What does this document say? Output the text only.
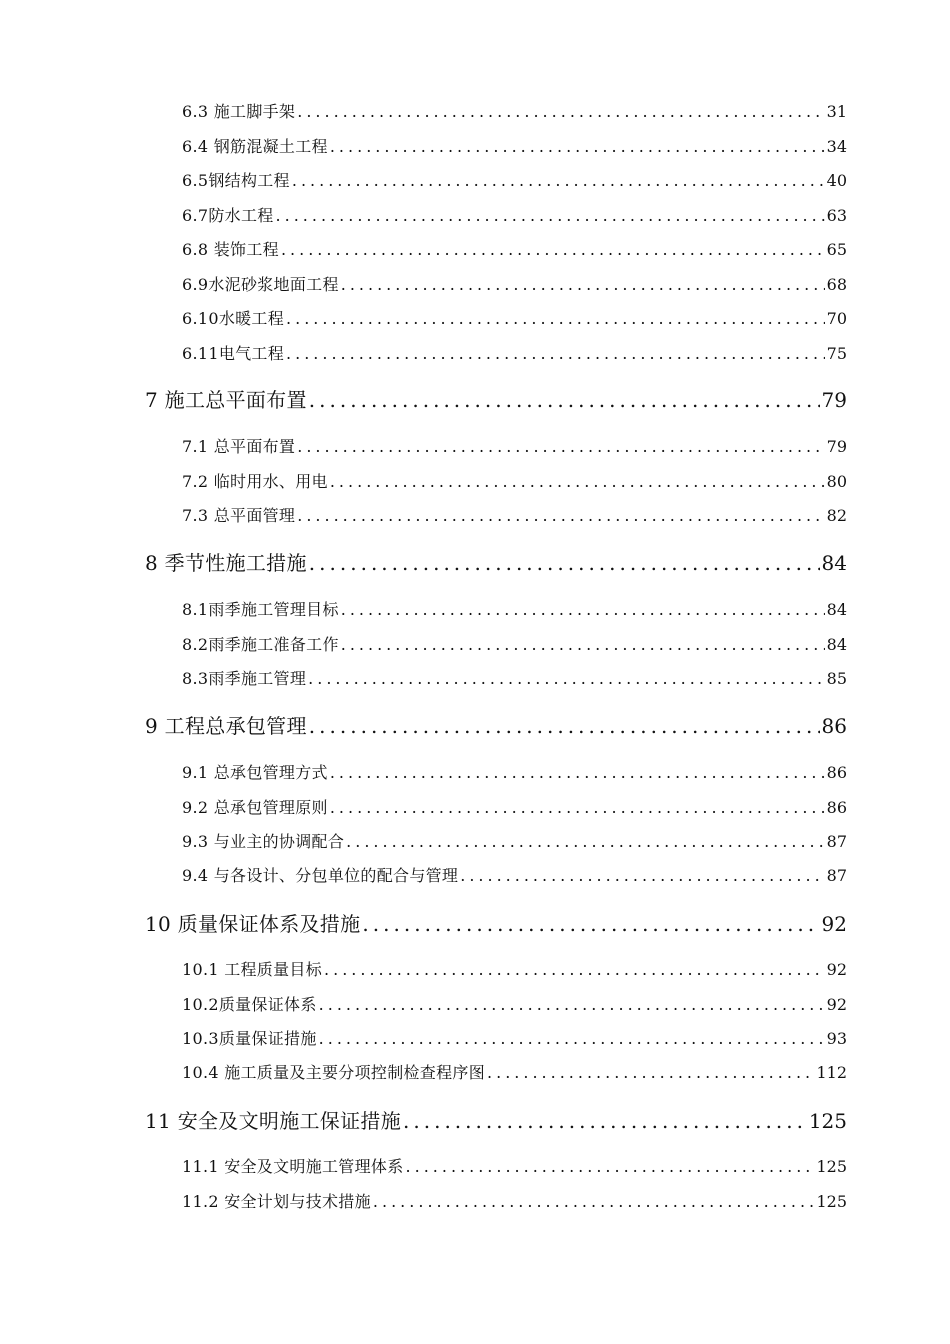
6.3 施工脚手架 .....	31
6.4 钢筋混凝土工程 .....	34
6.5钢结构工程 .....	40
6.7防水工程 .....	63
6.8 装饰工程 .....	65
6.9水泥砂浆地面工程 .....	68
6.10水暖工程 .....	70
6.11电气工程 .....	75
7 施工总平面布置 .....	79
7.1 总平面布置 .....	79
7.2 临时用水、用电 .....	80
7.3 总平面管理 .....	82
8 季节性施工措施 .....	84
8.1雨季施工管理目标 .....	84
8.2雨季施工准备工作 .....	84
8.3雨季施工管理 .....	85
9 工程总承包管理 .....	86
9.1 总承包管理方式 .....	86
9.2 总承包管理原则 .....	86
9.3 与业主的协调配合 .....	87
9.4 与各设计、分包单位的配合与管理 .....	87
10 质量保证体系及措施 .....	92
10.1 工程质量目标 .....	92
10.2质量保证体系 .....	92
10.3质量保证措施 .....	93
10.4 施工质量及主要分项控制检查程序图 .....	112
11 安全及文明施工保证措施 .....	125
11.1 安全及文明施工管理体系 .....	125
11.2 安全计划与技术措施 .....	125
